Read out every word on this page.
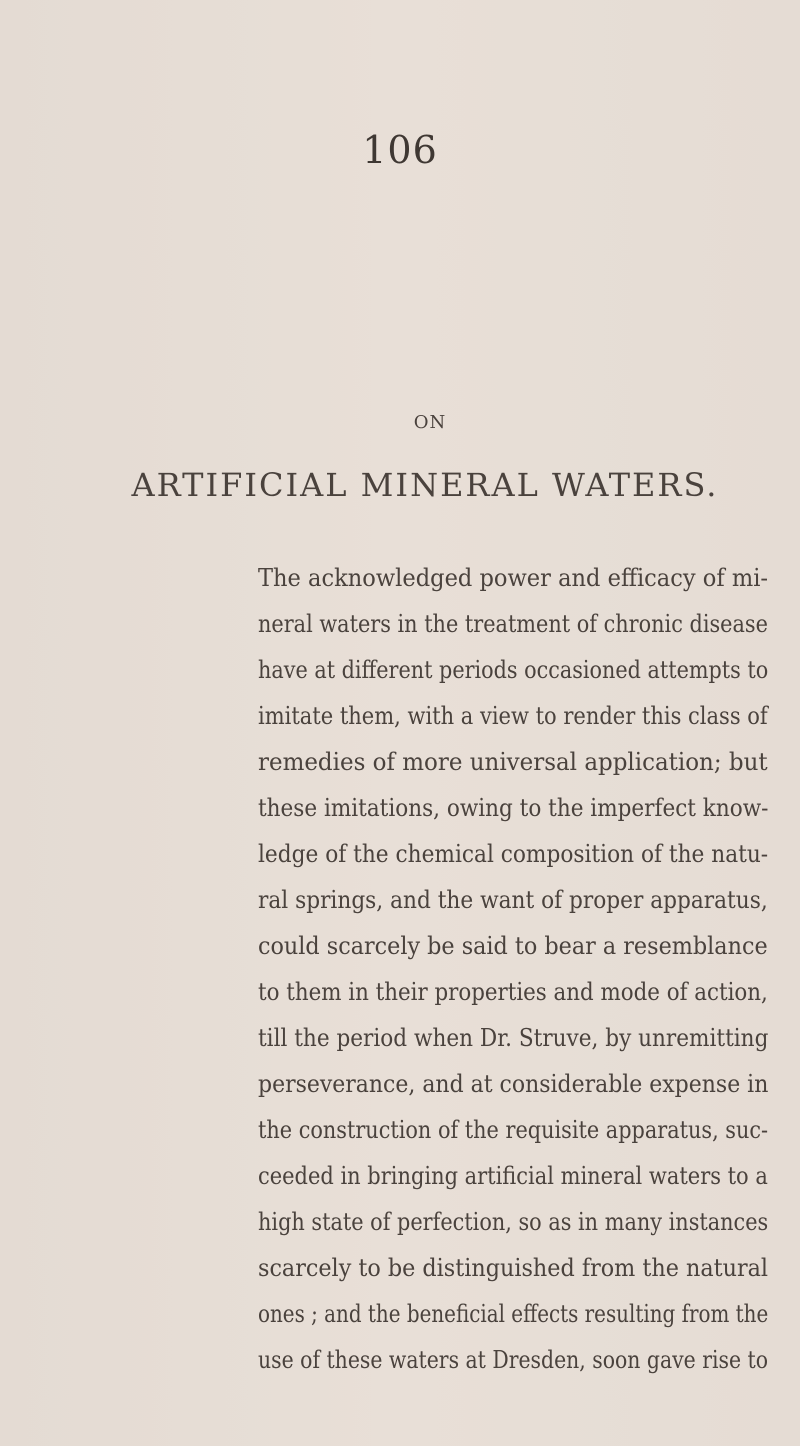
106
ON
ARTIFICIAL MINERAL WATERS.
The acknowledged power and efficacy of mi-
neral waters in the treatment of chronic disease
have at different periods occasioned attempts to
imitate them, with a view to render this class of
remedies of more universal application; but
these imitations, owing to the imperfect know-
ledge of the chemical composition of the natu-
ral springs, and the want of proper apparatus,
could scarcely be said to bear a resemblance
to them in their properties and mode of action,
till the period when Dr. Struve, by unremitting
perseverance, and at considerable expense in
the construction of the requisite apparatus, suc-
ceeded in bringing artificial mineral waters to a
high state of perfection, so as in many instances
scarcely to be distinguished from the natural
ones ; and the beneficial effects resulting from the
use of these waters at Dresden, soon gave rise to
